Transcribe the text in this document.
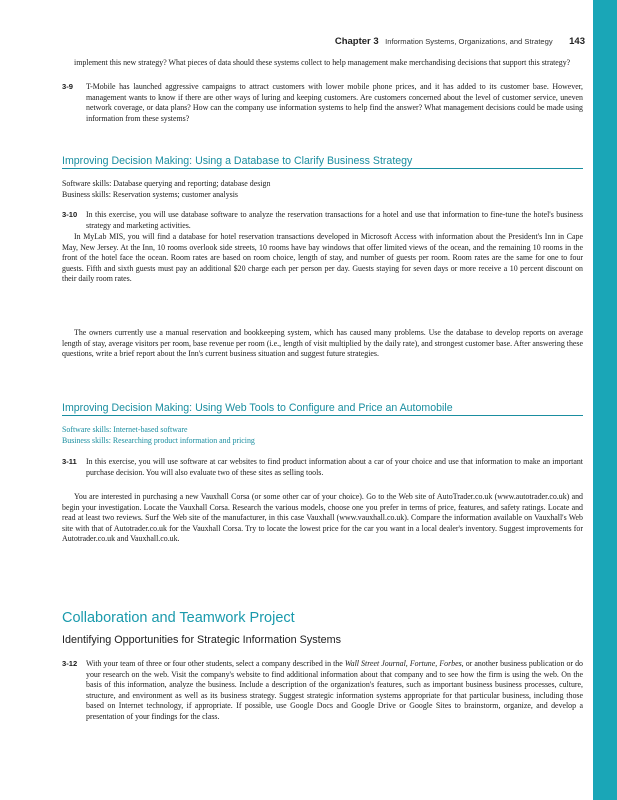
Chapter 3 Information Systems, Organizations, and Strategy 143

implement this new strategy? What pieces of data should these systems collect to help management make merchandising decisions that support this strategy?

3-9	T-Mobile has launched aggressive campaigns to attract customers with lower mobile phone prices, and it has added to its customer base. However, management wants to know if there are other ways of luring and keeping customers. Are customers concerned about the level of customer service, uneven network coverage, or data plans? How can the company use information systems to help find the answer? What management decisions could be made using information from these systems?
Improving Decision Making: Using a Database to Clarify Business Strategy

Software skills: Database querying and reporting; database design

Business skills: Reservation systems; customer analysis

3-10	In this exercise, you will use database software to analyze the reservation transactions for a hotel and use that information to fine-tune the hotel's business strategy and marketing activities.

In MyLab MIS, you will find a database for hotel reservation transactions developed in Microsoft Access with information about the President's Inn in Cape May, New Jersey. At the Inn, 10 rooms overlook side streets, 10 rooms have bay windows that offer limited views of the ocean, and the remaining 10 rooms in the front of the hotel face the ocean. Room rates are based on room choice, length of stay, and number of guests per room. Room rates are the same for one to four guests. Fifth and sixth guests must pay an additional $20 charge each per person per day. Guests staying for seven days or more receive a 10 percent discount on their daily room rates.

The owners currently use a manual reservation and bookkeeping system, which has caused many problems. Use the database to develop reports on average length of stay, average visitors per room, base revenue per room (i.e., length of visit multiplied by the daily rate), and strongest customer base. After answering these questions, write a brief report about the Inn's current business situation and suggest future strategies.

Improving Decision Making: Using Web Tools to Configure and Price an Automobile

Software skills: Internet-based software

Business skills: Researching product information and pricing

3-11	In this exercise, you will use software at car websites to find product information about a car of your choice and use that information to make an important purchase decision. You will also evaluate two of these sites as selling tools.

You are interested in purchasing a new Vauxhall Corsa (or some other car of your choice). Go to the Web site of AutoTrader.co.uk (www.autotrader.co.uk) and begin your investigation. Locate the Vauxhall Corsa. Research the various models, choose one you prefer in terms of price, features, and safety ratings. Locate and read at least two reviews. Surf the Web site of the manufacturer, in this case Vauxhall (www.vauxhall.co.uk). Compare the information available on Vauxhall's Web site with that of Autotrader.co.uk for the Vauxhall Corsa. Try to locate the lowest price for the car you want in a local dealer's inventory. Suggest improvements for Autotrader.co.uk and Vauxhall.co.uk.

Collaboration and Teamwork Project
Identifying Opportunities for Strategic Information Systems
3-12	With your team of three or four other students, select a company described in the Wall Street Journal, Fortune, Forbes, or another business publication or do your research on the web. Visit the company's website to find additional information about that company and to see how the firm is using the web. On the basis of this information, analyze the business. Include a description of the organization's features, such as important business business processes, culture, structure, and environment as well as its business strategy. Suggest strategic information systems appropriate for that particular business, including those based on Internet technology, if appropriate. If possible, use Google Docs and Google Drive or Google Sites to brainstorm, organize, and develop a presentation of your findings for the class.
